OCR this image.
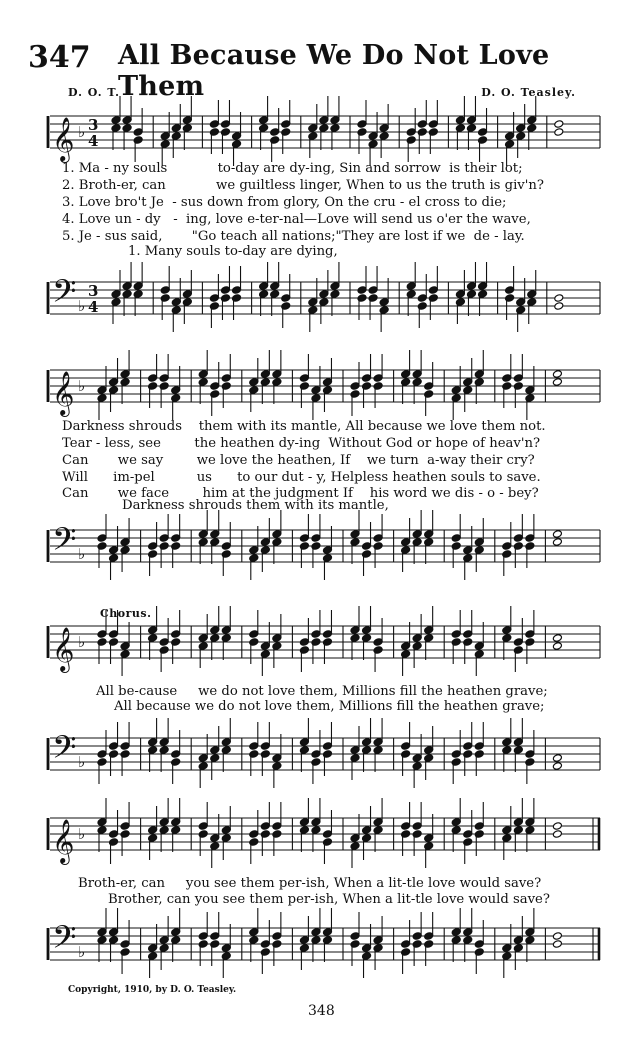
347 All Because We Do Not Love Them
D. O. T.	D. O. Teasley.
𝄞 ♭ 3
4
1. Ma - ny souls            to-day are dy-ing, Sin and sorrow  is their lot;
2. Broth-er, can            we guiltless linger, When to us the truth is giv'n?
3. Love bro't Je  - sus down from glory, On the cru - el cross to die;
4. Love un - dy   -  ing, love e-ter-nal—Love will send us o'er the wave,
5. Je - sus said,       "Go teach all nations;"They are lost if we  de - lay.
1. Many souls to-day are dying,
𝄢 ♭
3
4
𝄞 ♭
Darkness shrouds    them with its mantle, All because we love them not.
Tear - less, see        the heathen dy-ing  Without God or hope of heav'n?
Can       we say        we love the heathen, If    we turn  a-way their cry?
Will      im-pel          us      to our dut - y, Helpless heathen souls to save.
Can       we face        him at the judgment If    his word we dis - o - bey?
Darkness shrouds them with its mantle,
𝄢 ♭
Chorus.
𝄞 ♭
All be-cause     we do not love them, Millions fill the heathen grave;
All because we do not love them, Millions fill the heathen grave;
𝄢 ♭
𝄞 ♭
Broth-er, can     you see them per-ish, When a lit-tle love would save?
Brother, can you see them per-ish, When a lit-tle love would save?
𝄢 ♭
Copyright, 1910, by D. O. Teasley.
348
